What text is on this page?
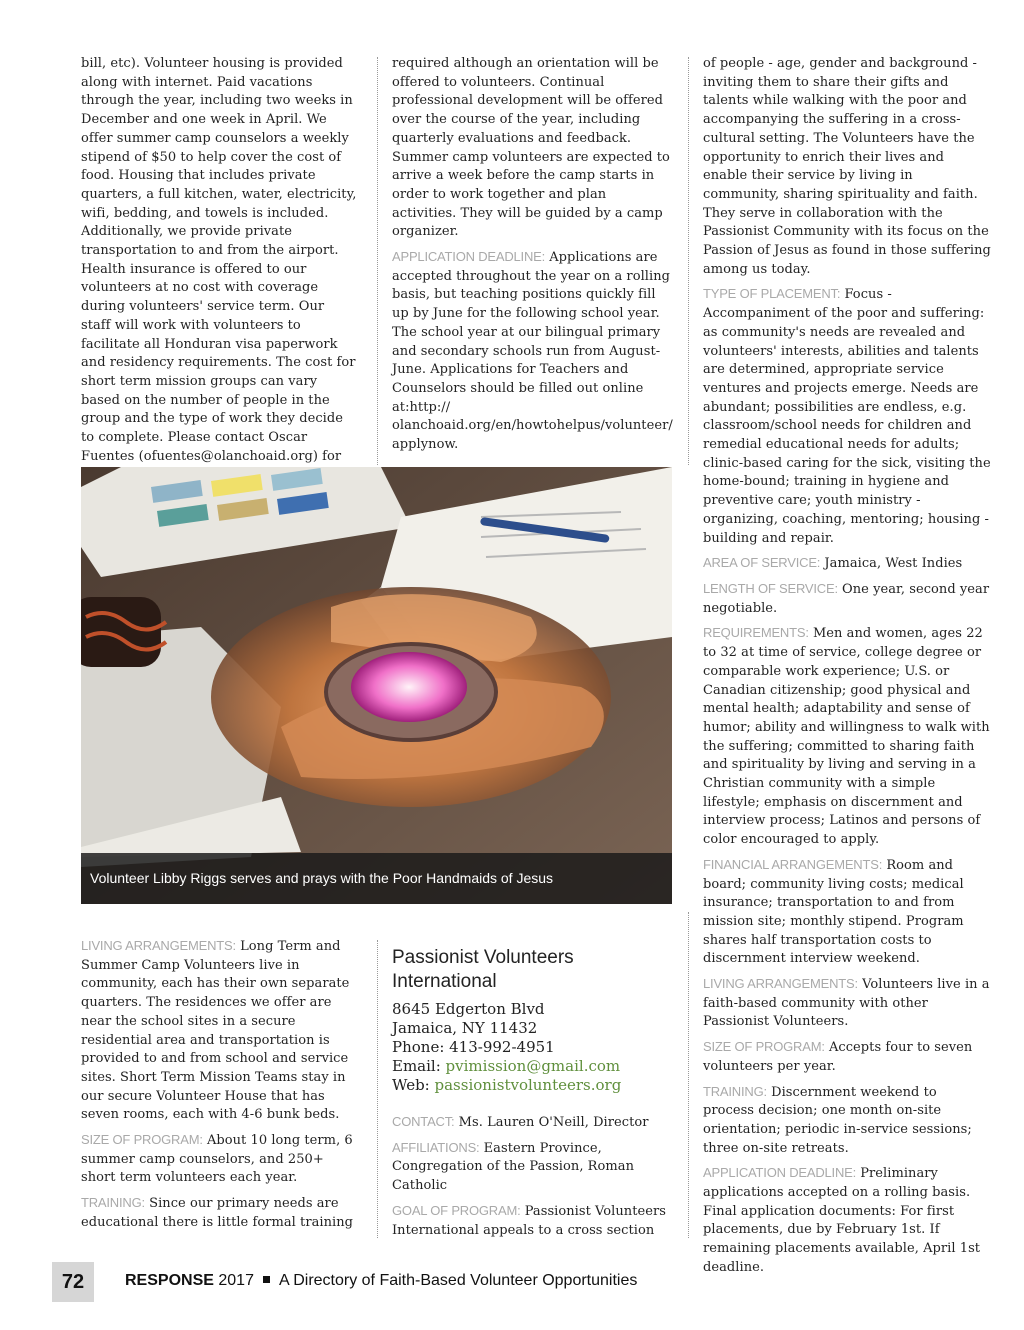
bill, etc). Volunteer housing is provided along with internet. Paid vacations through the year, including two weeks in December and one week in April. We offer summer camp counselors a weekly stipend of $50 to help cover the cost of food. Housing that includes private quarters, a full kitchen, water, electricity, wifi, bedding, and towels is included. Additionally, we provide private transportation to and from the airport. Health insurance is offered to our volunteers at no cost with coverage during volunteers' service term. Our staff will work with volunteers to facilitate all Honduran visa paperwork and residency requirements. The cost for short term mission groups can vary based on the number of people in the group and the type of work they decide to complete. Please contact Oscar Fuentes (ofuentes@olanchoaid.org) for

required although an orientation will be offered to volunteers. Continual professional development will be offered over the course of the year, including quarterly evaluations and feedback. Summer camp volunteers are expected to arrive a week before the camp starts in order to work together and plan activities. They will be guided by a camp organizer.

APPLICATION DEADLINE: Applications are accepted throughout the year on a rolling basis, but teaching positions quickly fill up by June for the following school year. The school year at our bilingual primary and secondary schools run from August-June. Applications for Teachers and Counselors should be filled out online at:http:// olanchoaid.org/en/howtohelpus/volunteer/ applynow.

of people - age, gender and background - inviting them to share their gifts and talents while walking with the poor and accompanying the suffering in a cross-cultural setting. The Volunteers have the opportunity to enrich their lives and enable their service by living in community, sharing spirituality and faith. They serve in collaboration with the Passionist Community with its focus on the Passion of Jesus as found in those suffering among us today.

TYPE OF PLACEMENT: Focus - Accompaniment of the poor and suffering: as community's needs are revealed and volunteers' interests, abilities and talents are determined, appropriate service ventures and projects emerge. Needs are abundant; possibilities are endless, e.g. classroom/school needs for children and remedial educational needs for adults; clinic-based caring for the sick, visiting the home-bound; training in hygiene and preventive care; youth ministry - organizing, coaching, mentoring; housing - building and repair.

AREA OF SERVICE: Jamaica, West Indies

LENGTH OF SERVICE: One year, second year negotiable.

REQUIREMENTS: Men and women, ages 22 to 32 at time of service, college degree or comparable work experience; U.S. or Canadian citizenship; good physical and mental health; adaptability and sense of humor; ability and willingness to walk with the suffering; committed to sharing faith and spirituality by living and serving in a Christian community with a simple lifestyle; emphasis on discernment and interview process; Latinos and persons of color encouraged to apply.

FINANCIAL ARRANGEMENTS: Room and board; community living costs; medical insurance; transportation to and from mission site; monthly stipend. Program shares half transportation costs to discernment interview weekend.

LIVING ARRANGEMENTS: Volunteers live in a faith-based community with other Passionist Volunteers.

SIZE OF PROGRAM: Accepts four to seven volunteers per year.

TRAINING: Discernment weekend to process decision; one month on-site orientation; periodic in-service sessions; three on-site retreats.

APPLICATION DEADLINE: Preliminary applications accepted on a rolling basis. Final application documents: For first placements, due by February 1st. If remaining placements available, April 1st deadline.

Volunteer Libby Riggs serves and prays with the Poor Handmaids of Jesus

LIVING ARRANGEMENTS: Long Term and Summer Camp Volunteers live in community, each has their own separate quarters. The residences we offer are near the school sites in a secure residential area and transportation is provided to and from school and service sites. Short Term Mission Teams stay in our secure Volunteer House that has seven rooms, each with 4-6 bunk beds.

SIZE OF PROGRAM: About 10 long term, 6 summer camp counselors, and 250+ short term volunteers each year.

TRAINING: Since our primary needs are educational there is little formal training

Passionist Volunteers International
8645 Edgerton Blvd
Jamaica, NY 11432
Phone: 413-992-4951
Email: pvimission@gmail.com
Web: passionistvolunteers.org

CONTACT: Ms. Lauren O'Neill, Director

AFFILIATIONS: Eastern Province, Congregation of the Passion, Roman Catholic

GOAL OF PROGRAM: Passionist Volunteers International appeals to a cross section

72	RESPONSE 2017 A Directory of Faith-Based Volunteer Opportunities
